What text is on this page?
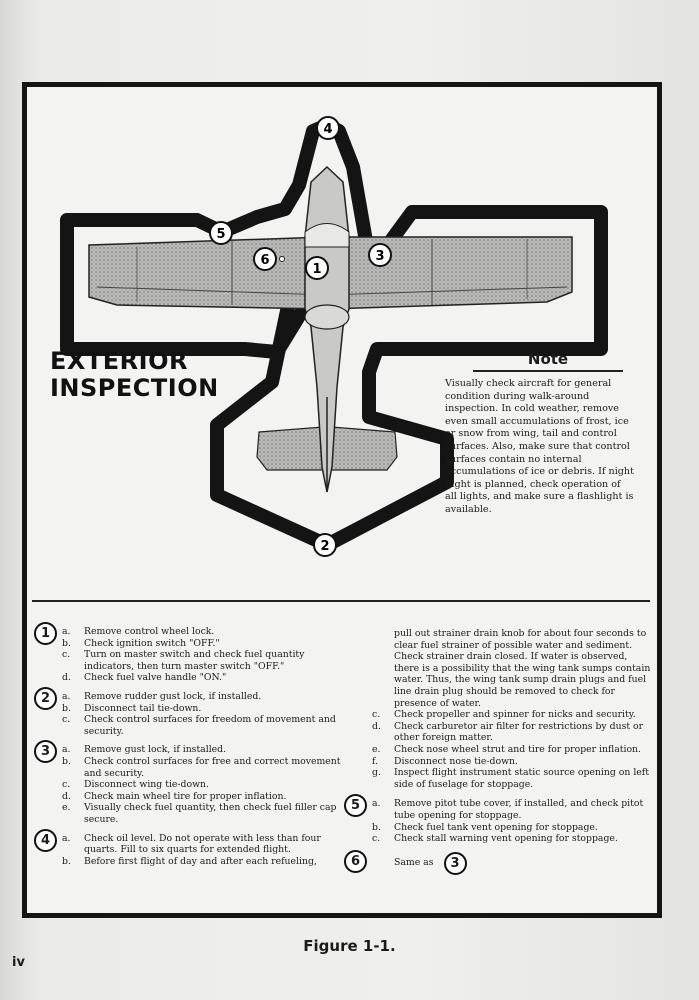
1
2
3
4
5
6
EXTERIOR
INSPECTION

Note

Visually check aircraft for general condition during walk-around inspection. In cold weather, remove even small accumulations of frost, ice or snow from wing, tail and control surfaces. Also, make sure that control surfaces contain no internal accumulations of ice or debris. If night flight is planned, check operation of all lights, and make sure a flashlight is available.

1	a.	Remove control wheel lock.
b.	Check ignition switch "OFF."
c.	Turn on master switch and check fuel quantity indicators, then turn master switch "OFF."
d.	Check fuel valve handle "ON."
2	a.	Remove rudder gust lock, if installed.
b.	Disconnect tail tie-down.
c.	Check control surfaces for freedom of movement and security.
3	a.	Remove gust lock, if installed.
b.	Check control surfaces for free and correct movement and security.
c.	Disconnect wing tie-down.
d.	Check main wheel tire for proper inflation.
e.	Visually check fuel quantity, then check fuel filler cap secure.
4	a.	Check oil level. Do not operate with less than four quarts. Fill to six quarts for extended flight.
b.	Before first flight of day and after each refueling,
pull out strainer drain knob for about four seconds to clear fuel strainer of possible water and sediment. Check strainer drain closed. If water is observed, there is a possibility that the wing tank sumps contain water. Thus, the wing tank sump drain plugs and fuel line drain plug should be removed to check for presence of water.
c.	Check propeller and spinner for nicks and security.
d.	Check carburetor air filter for restrictions by dust or other foreign matter.
e.	Check nose wheel strut and tire for proper inflation.
f.	Disconnect nose tie-down.
g.	Inspect flight instrument static source opening on left side of fuselage for stoppage.
5	a.	Remove pitot tube cover, if installed, and check pitot tube opening for stoppage.
b.	Check fuel tank vent opening for stoppage.
c.	Check stall warning vent opening for stoppage.
6	Same as	3
Figure 1-1.
iv
